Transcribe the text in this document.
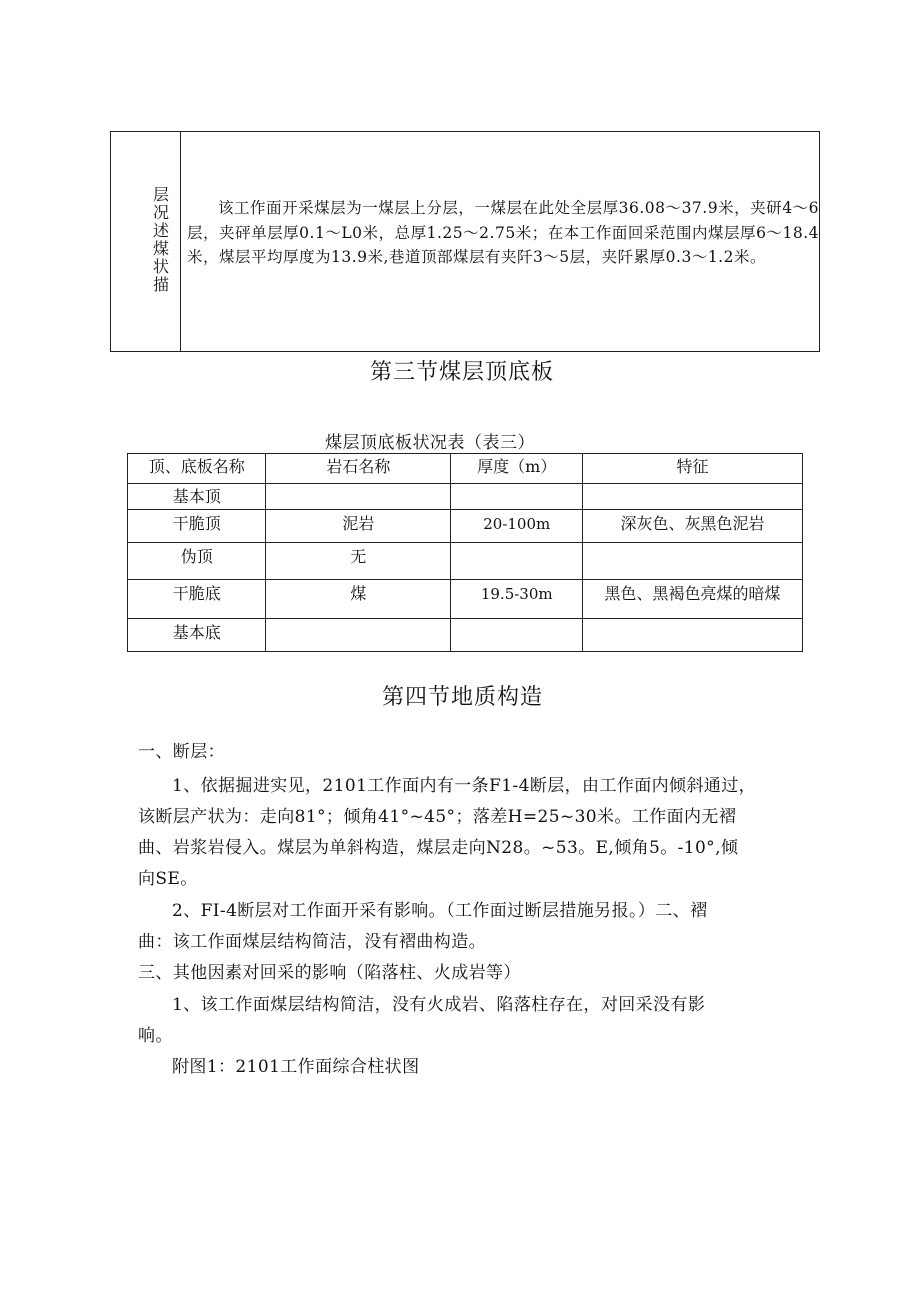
层况述煤状描
该工作面开采煤层为一煤层上分层，一煤层在此处全层厚36.08～37.9米，夹研4～6层，夹砰单层厚0.1～L0米，总厚1.25～2.75米；在本工作面回采范围内煤层厚6～18.4米，煤层平均厚度为13.9米,巷道顶部煤层有夹阡3～5层，夹阡累厚0.3～1.2米。
第三节煤层顶底板
煤层顶底板状况表（表三）
顶、底板名称	岩石名称	厚度（m）	特征
基本顶			
干脆顶	泥岩	20-100m	深灰色、灰黑色泥岩
伪顶	无		
干脆底	煤	19.5-30m	黑色、黑褐色亮煤的暗煤
基本底			
第四节地质构造
一、断层：
1、依据掘进实见，2101工作面内有一条F1-4断层，由工作面内倾斜通过，
该断层产状为：走向81°；倾角41°~45°；落差H=25~30米。工作面内无褶
曲、岩浆岩侵入。煤层为单斜构造，煤层走向N28。~53。E,倾角5。-10°,倾
向SE。
2、FI-4断层对工作面开采有影响。（工作面过断层措施另报。）二、褶
曲：该工作面煤层结构简洁，没有褶曲构造。
三、其他因素对回采的影响（陷落柱、火成岩等）
1、该工作面煤层结构简洁，没有火成岩、陷落柱存在，对回采没有影
响。
附图1：2101工作面综合柱状图
